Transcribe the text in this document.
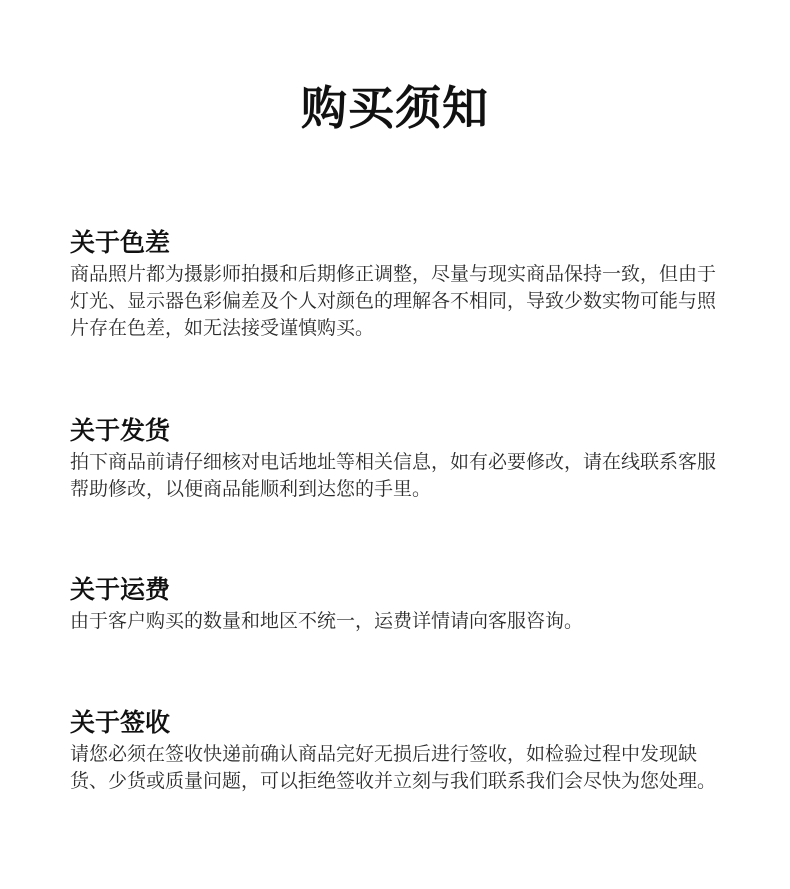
购买须知
关于色差

商品照片都为摄影师拍摄和后期修正调整，尽量与现实商品保持一致，但由于灯光、显示器色彩偏差及个人对颜色的理解各不相同，导致少数实物可能与照片存在色差，如无法接受谨慎购买。

关于发货

拍下商品前请仔细核对电话地址等相关信息，如有必要修改，请在线联系客服帮助修改，以便商品能顺利到达您的手里。

关于运费

由于客户购买的数量和地区不统一，运费详情请向客服咨询。

关于签收

请您必须在签收快递前确认商品完好无损后进行签收，如检验过程中发现缺货、少货或质量问题，可以拒绝签收并立刻与我们联系我们会尽快为您处理。
